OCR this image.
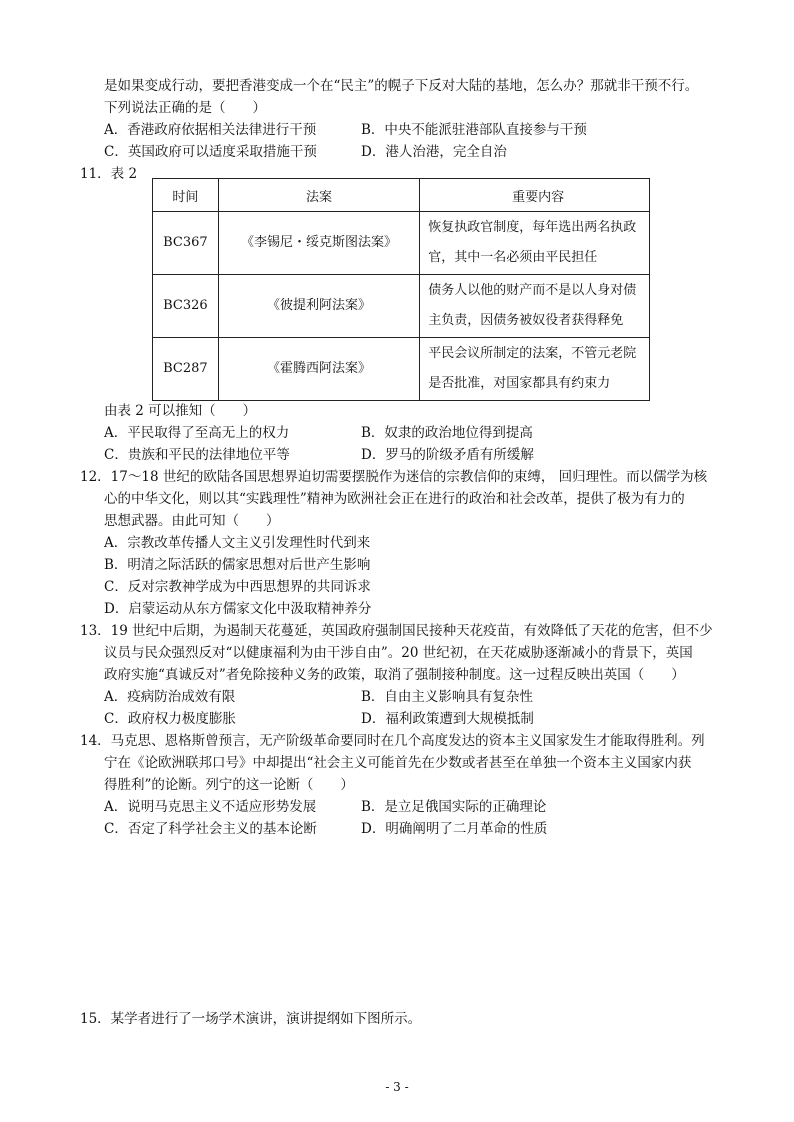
是如果变成行动，要把香港变成一个在“民主”的幌子下反对大陆的基地，怎么办？那就非干预不行。
下列说法正确的是（　　）
A．香港政府依据相关法律进行干预	B．中央不能派驻港部队直接参与干预
C．英国政府可以适度采取措施干预	D．港人治港，完全自治
11．表 2
时间	法案	重要内容
BC367	《李锡尼・绥克斯图法案》	恢复执政官制度，每年选出两名执政
官，其中一名必须由平民担任

BC326	《彼提利阿法案》	债务人以他的财产而不是以人身对债
主负责，因债务被奴役者获得释免

BC287	《霍腾西阿法案》	平民会议所制定的法案，不管元老院
是否批准，对国家都具有约束力
由表 2 可以推知（　　）
A．平民取得了至高无上的权力	B．奴隶的政治地位得到提高
C．贵族和平民的法律地位平等	D．罗马的阶级矛盾有所缓解
12．17～18 世纪的欧陆各国思想界迫切需要摆脱作为迷信的宗教信仰的束缚， 回归理性。而以儒学为核
心的中华文化，则以其“实践理性”精神为欧洲社会正在进行的政治和社会改革，提供了极为有力的
思想武器。由此可知（　　）
A．宗教改革传播人文主义引发理性时代到来
B．明清之际活跃的儒家思想对后世产生影响
C．反对宗教神学成为中西思想界的共同诉求
D．启蒙运动从东方儒家文化中汲取精神养分
13．19 世纪中后期，为遏制天花蔓延，英国政府强制国民接种天花疫苗，有效降低了天花的危害，但不少
议员与民众强烈反对“以健康福利为由干涉自由”。20 世纪初，在天花威胁逐渐减小的背景下，英国
政府实施“真诚反对”者免除接种义务的政策，取消了强制接种制度。这一过程反映出英国（　　）
A．疫病防治成效有限	B．自由主义影响具有复杂性
C．政府权力极度膨胀	D．福利政策遭到大规模抵制
14．马克思、恩格斯曾预言，无产阶级革命要同时在几个高度发达的资本主义国家发生才能取得胜利。列
宁在《论欧洲联邦口号》中却提出“社会主义可能首先在少数或者甚至在单独一个资本主义国家内获
得胜利”的论断。列宁的这一论断（　　）
A．说明马克思主义不适应形势发展	B．是立足俄国实际的正确理论
C．否定了科学社会主义的基本论断	D．明确阐明了二月革命的性质
15．某学者进行了一场学术演讲，演讲提纲如下图所示。
- 3 -
